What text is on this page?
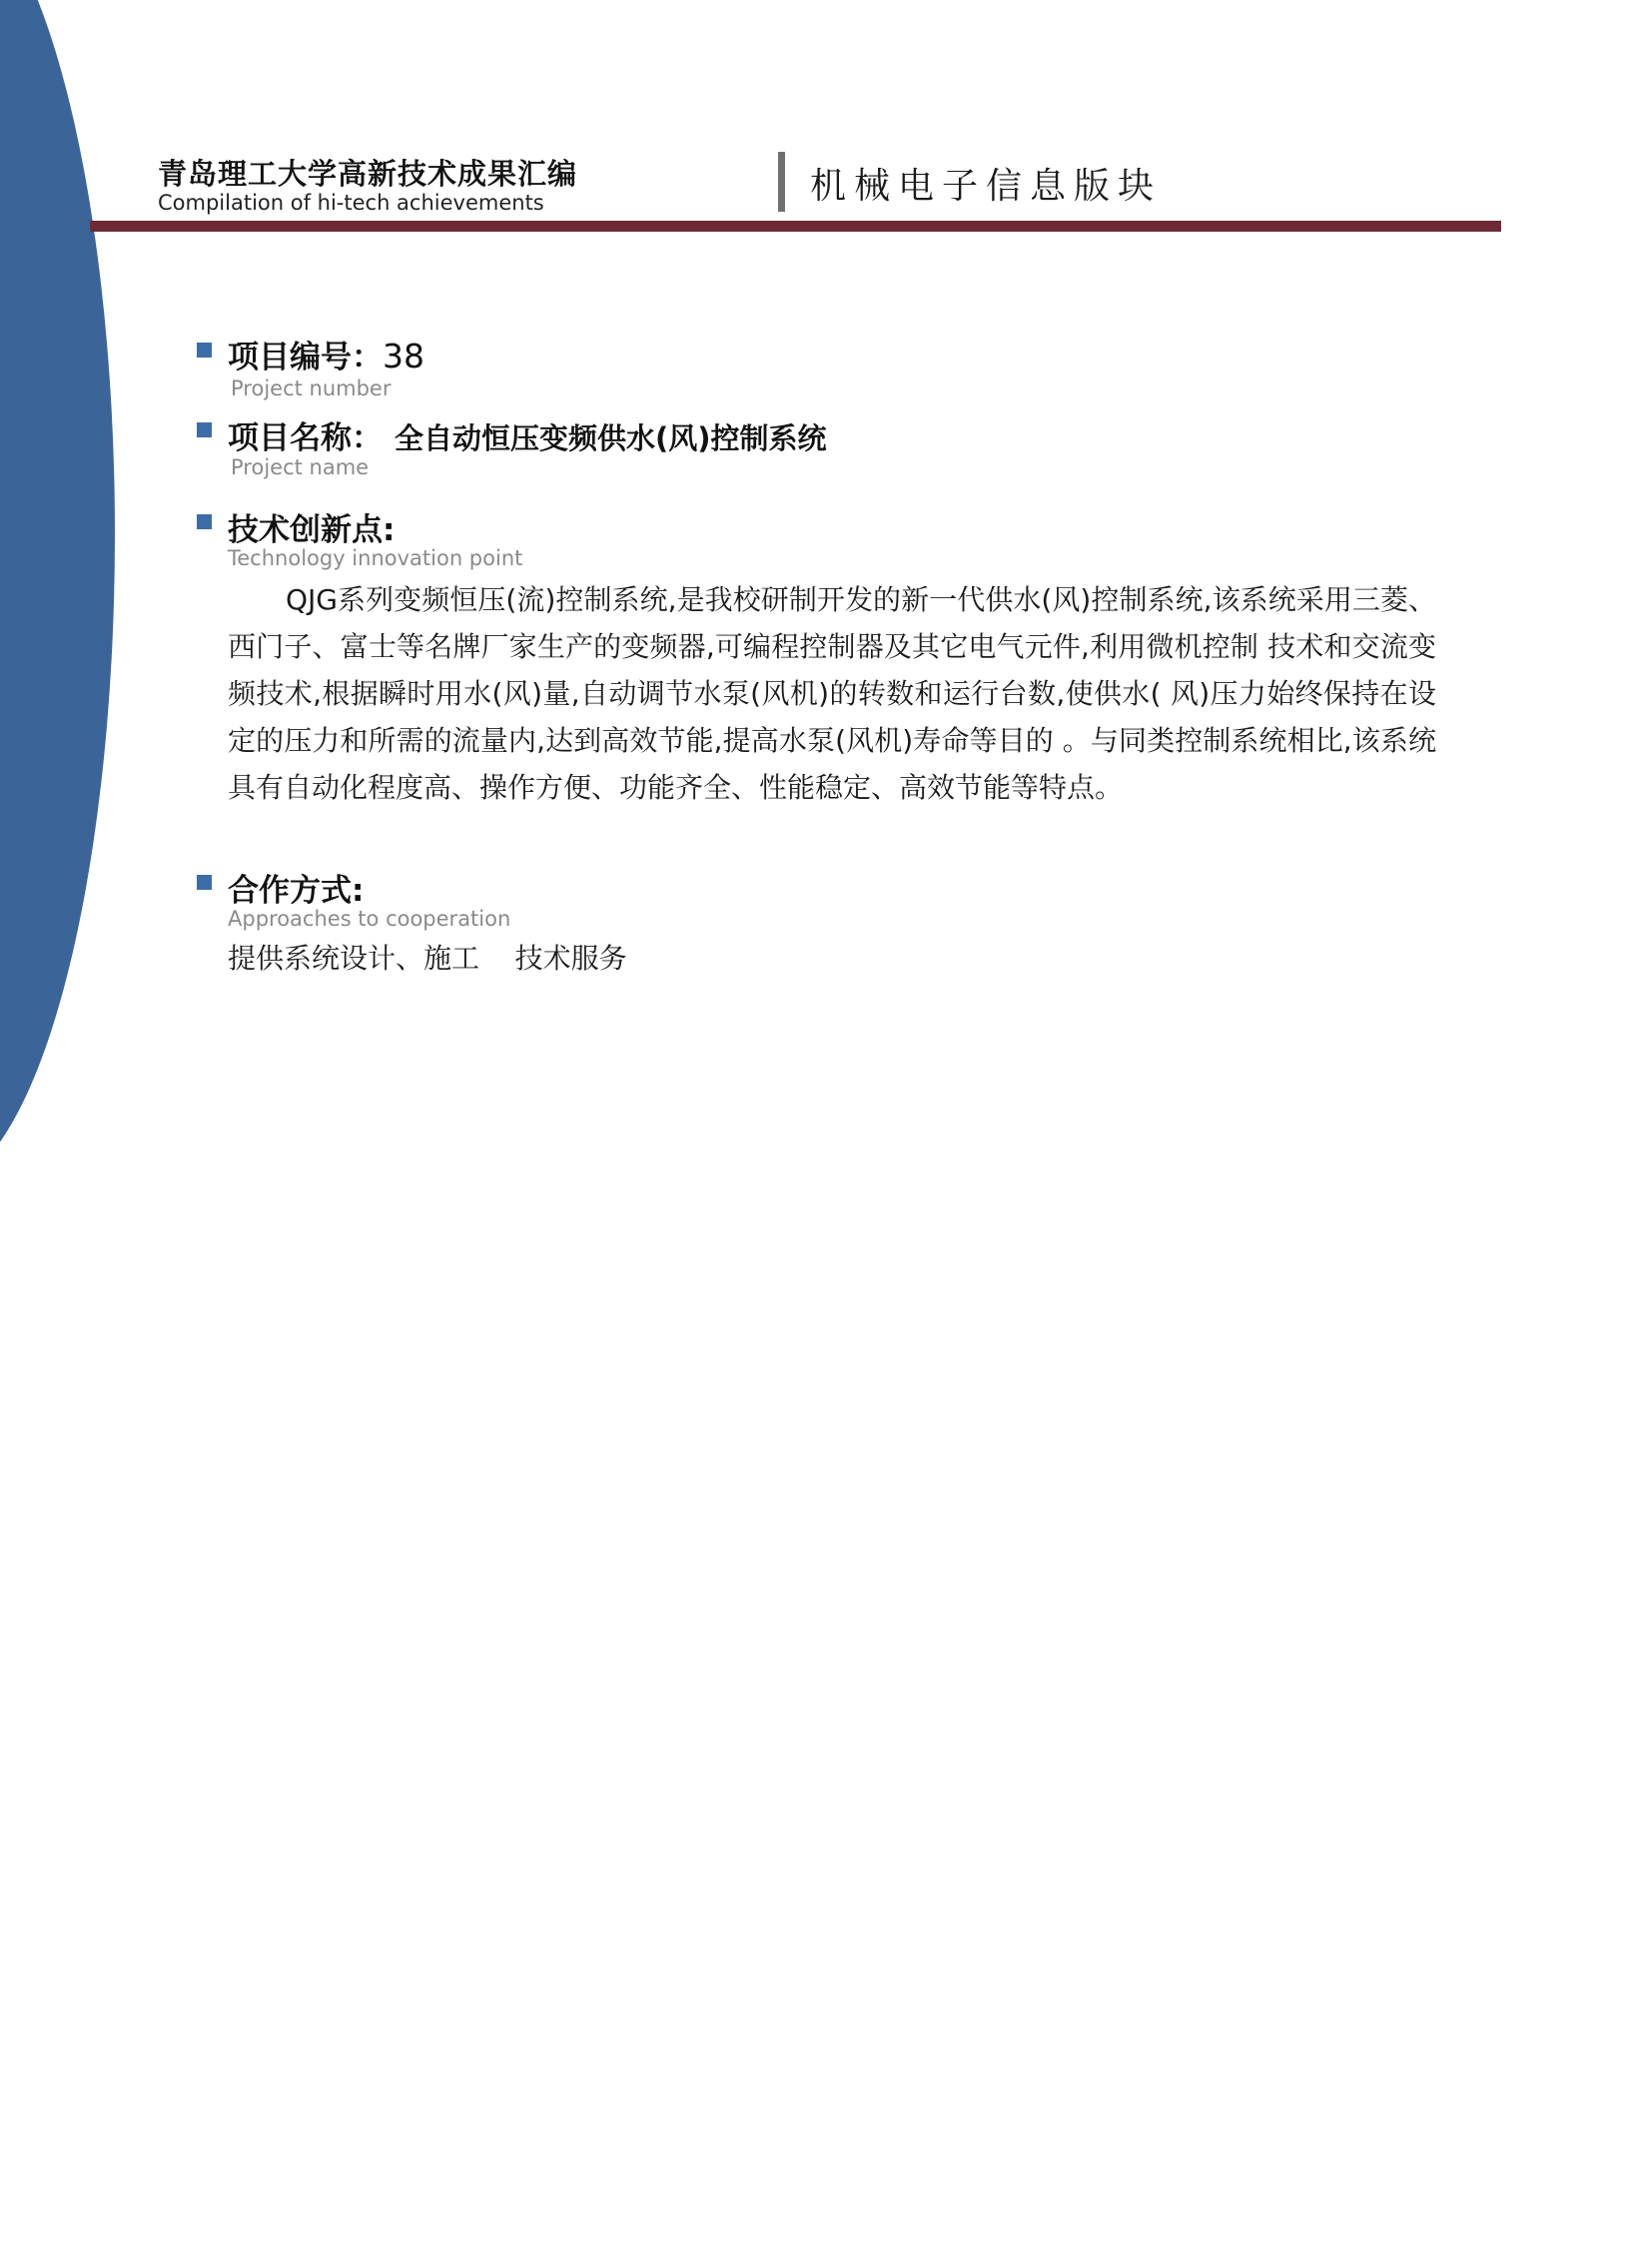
青岛理工大学高新技术成果汇编
Compilation of hi-tech achievements	机械电子信息版块
项目编号：38
Project number
项目名称： 全自动恒压变频供水(风)控制系统
Project name
技术创新点:
Technology innovation point
QJG系列变频恒压(流)控制系统,是我校研制开发的新一代供水(风)控制系统,该系统采用三菱、西门子、富士等名牌厂家生产的变频器,可编程控制器及其它电气元件,利用微机控制 技术和交流变频技术,根据瞬时用水(风)量,自动调节水泵(风机)的转数和运行台数,使供水( 风)压力始终保持在设定的压力和所需的流量内,达到高效节能,提高水泵(风机)寿命等目的 。与同类控制系统相比,该系统具有自动化程度高、操作方便、功能齐全、性能稳定、高效节能等特点。
合作方式:
Approaches to cooperation
提供系统设计、施工    技术服务
